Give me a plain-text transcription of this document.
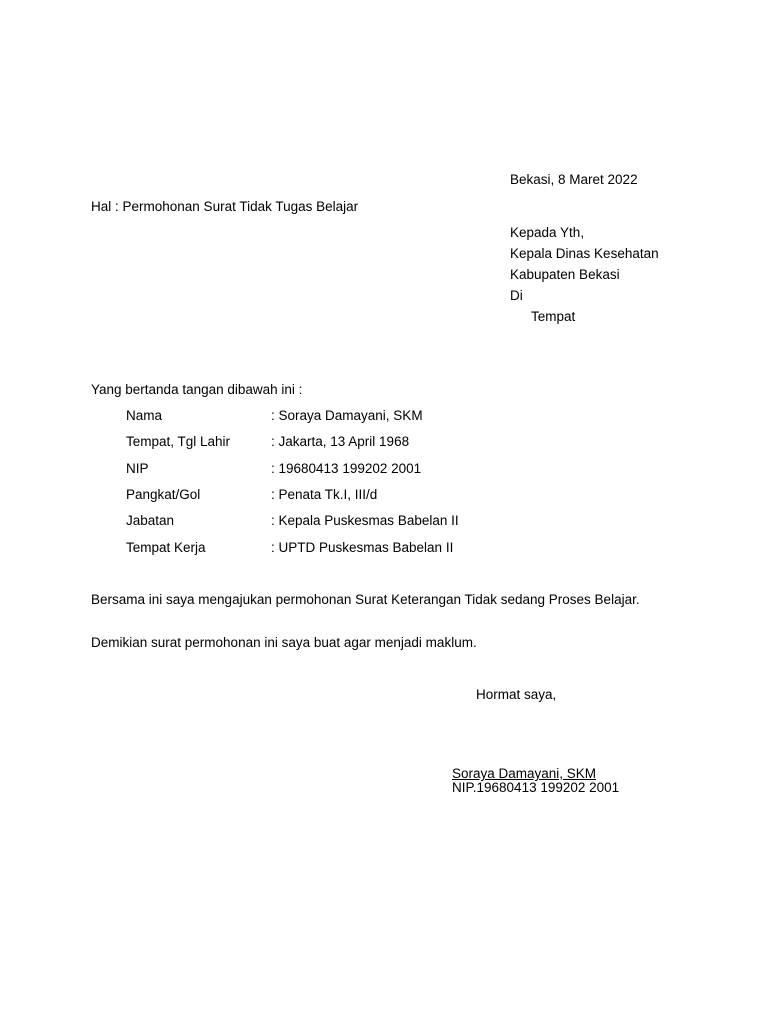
Bekasi, 8 Maret 2022
Hal : Permohonan Surat Tidak Tugas Belajar
Kepada Yth,
Kepala Dinas Kesehatan
Kabupaten Bekasi
Di
Tempat
Yang bertanda tangan dibawah ini :
Nama	: Soraya Damayani, SKM
Tempat, Tgl Lahir	: Jakarta, 13 April 1968
NIP	: 19680413 199202 2001
Pangkat/Gol	: Penata Tk.I, III/d
Jabatan	: Kepala Puskesmas Babelan II
Tempat Kerja	: UPTD Puskesmas Babelan II
Bersama ini saya mengajukan permohonan Surat Keterangan Tidak sedang Proses Belajar.
Demikian surat permohonan ini saya buat agar menjadi maklum.
Hormat saya,
Soraya Damayani, SKM
NIP.19680413 199202 2001
